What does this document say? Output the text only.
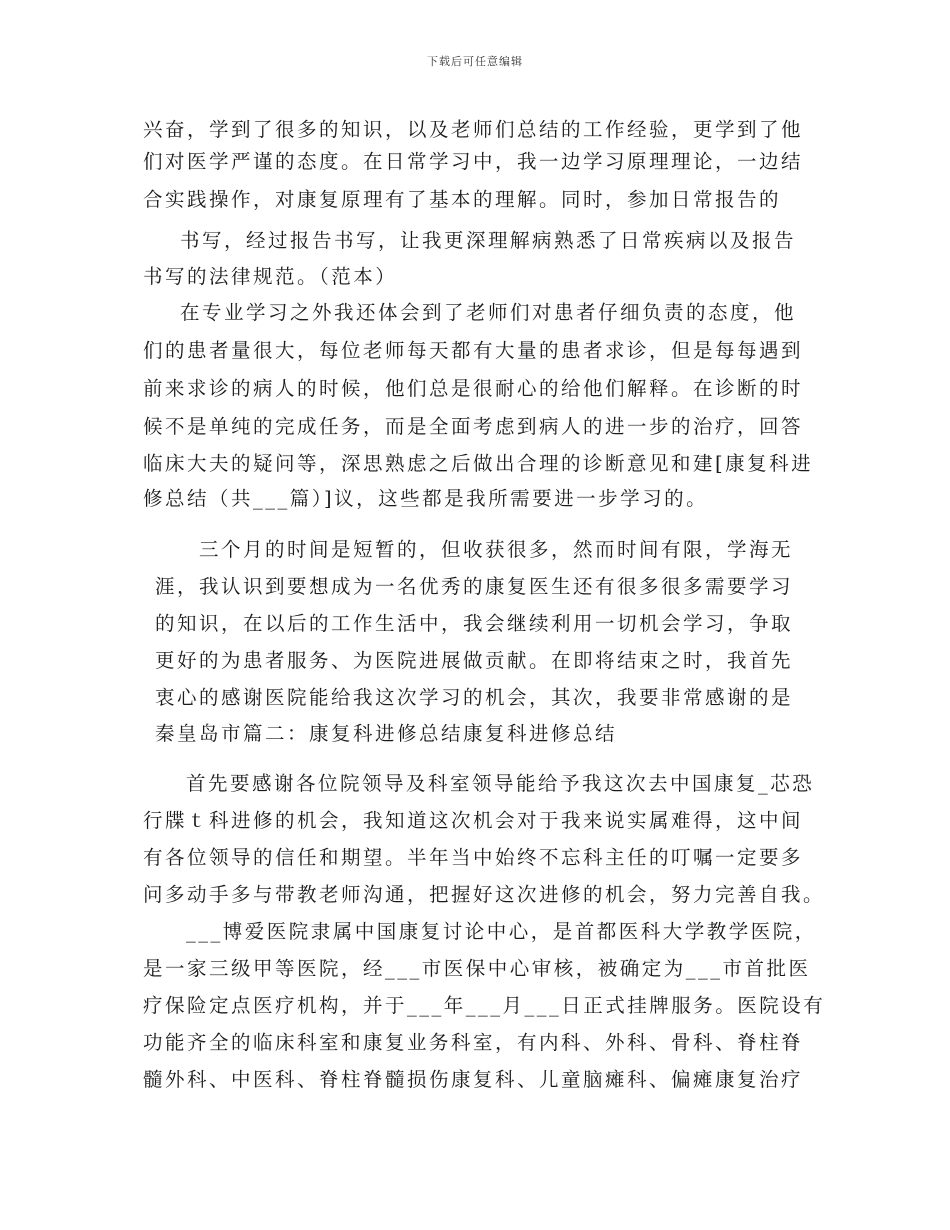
下载后可任意编辑
兴奋，学到了很多的知识，以及老师们总结的工作经验，更学到了他
们对医学严谨的态度。在日常学习中，我一边学习原理理论，一边结
合实践操作，对康复原理有了基本的理解。同时，参加日常报告的
书写，经过报告书写，让我更深理解病熟悉了日常疾病以及报告
书写的法律规范。（范本）
在专业学习之外我还体会到了老师们对患者仔细负责的态度，他
们的患者量很大，每位老师每天都有大量的患者求诊，但是每每遇到
前来求诊的病人的时候，他们总是很耐心的给他们解释。在诊断的时
候不是单纯的完成任务，而是全面考虑到病人的进一步的治疗，回答
临床大夫的疑问等，深思熟虑之后做出合理的诊断意见和建[康复科进
修总结（共___篇）]议，这些都是我所需要进一步学习的。
三个月的时间是短暂的，但收获很多，然而时间有限，学海无
涯，我认识到要想成为一名优秀的康复医生还有很多很多需要学习
的知识，在以后的工作生活中，我会继续利用一切机会学习，争取
更好的为患者服务、为医院进展做贡献。在即将结束之时，我首先
衷心的感谢医院能给我这次学习的机会，其次，我要非常感谢的是
秦皇岛市篇二：康复科进修总结康复科进修总结
首先要感谢各位院领导及科室领导能给予我这次去中国康复_芯恐
行牒ｔ科进修的机会，我知道这次机会对于我来说实属难得，这中间
有各位领导的信任和期望。半年当中始终不忘科主任的叮嘱一定要多
问多动手多与带教老师沟通，把握好这次进修的机会，努力完善自我。
___博爱医院隶属中国康复讨论中心，是首都医科大学教学医院，
是一家三级甲等医院，经___市医保中心审核，被确定为___市首批医
疗保险定点医疗机构，并于___年___月___日正式挂牌服务。医院设有
功能齐全的临床科室和康复业务科室，有内科、外科、骨科、脊柱脊
髓外科、中医科、脊柱脊髓损伤康复科、儿童脑瘫科、偏瘫康复治疗
